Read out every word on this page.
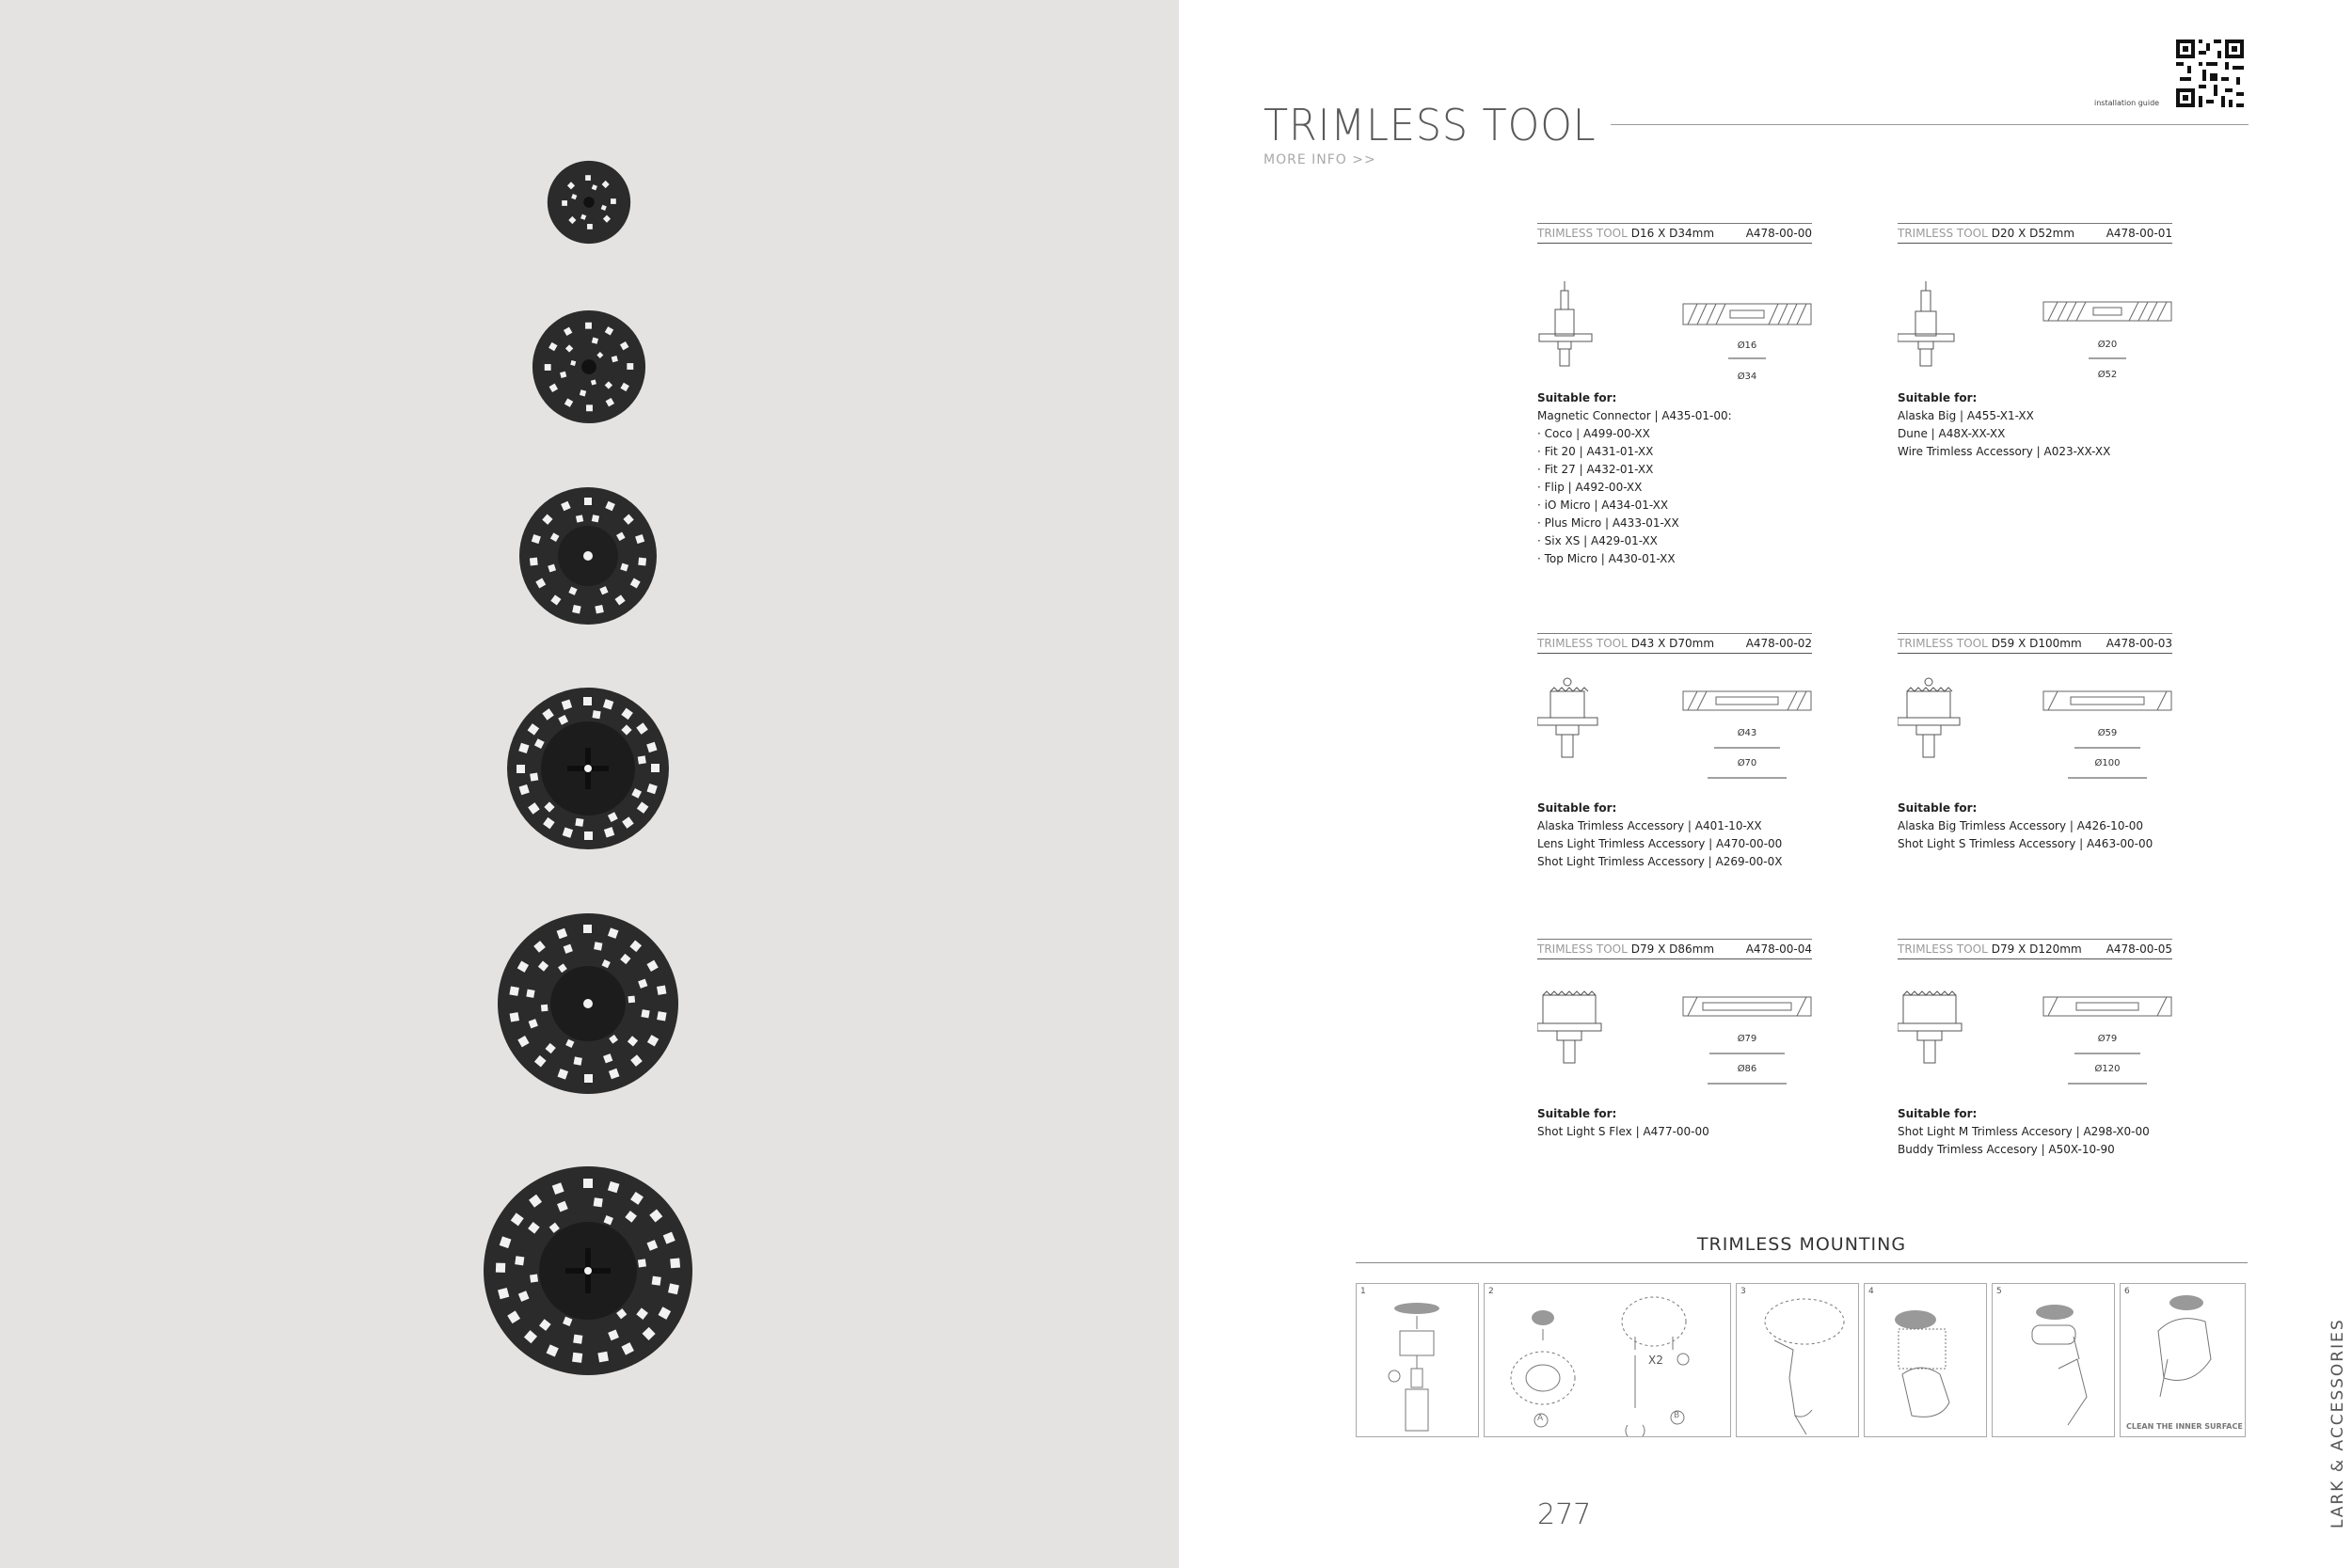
TRIMLESS TOOL
MORE INFO >>
installation guide
TRIMLESS TOOL D16 X D34mm	A478-00-00
Ø16
Ø34
Suitable for:
Magnetic Connector | A435-01-00:
· Coco | A499-00-XX
· Fit 20 | A431-01-XX
· Fit 27 | A432-01-XX
· Flip | A492-00-XX
· iO Micro | A434-01-XX
· Plus Micro | A433-01-XX
· Six XS | A429-01-XX
· Top Micro | A430-01-XX
TRIMLESS TOOL D20 X D52mm	A478-00-01
Ø20
Ø52
Suitable for:
Alaska Big | A455-X1-XX
Dune | A48X-XX-XX
Wire Trimless Accessory | A023-XX-XX
TRIMLESS TOOL D43 X D70mm	A478-00-02
Ø43
Ø70
Suitable for:
Alaska Trimless Accessory | A401-10-XX
Lens Light Trimless Accessory | A470-00-00
Shot Light Trimless Accessory | A269-00-0X
TRIMLESS TOOL D59 X D100mm A478-00-03
Ø59
Ø100
Suitable for:
Alaska Big Trimless Accessory | A426-10-00
Shot Light S Trimless Accessory | A463-00-00
TRIMLESS TOOL D79 X D86mm	A478-00-04
Ø79
Ø86
Suitable for:
Shot Light S Flex | A477-00-00
TRIMLESS TOOL D79 X D120mm A478-00-05
Ø79
Ø120
Suitable for:
Shot Light M Trimless Accesory | A298-X0-00
Buddy Trimless Accesory | A50X-10-90
TRIMLESS MOUNTING
1	2
X2
A	B
3	4	5	6
CLEAN THE INNER SURFACE
277	LARK & ACCESSORIES
